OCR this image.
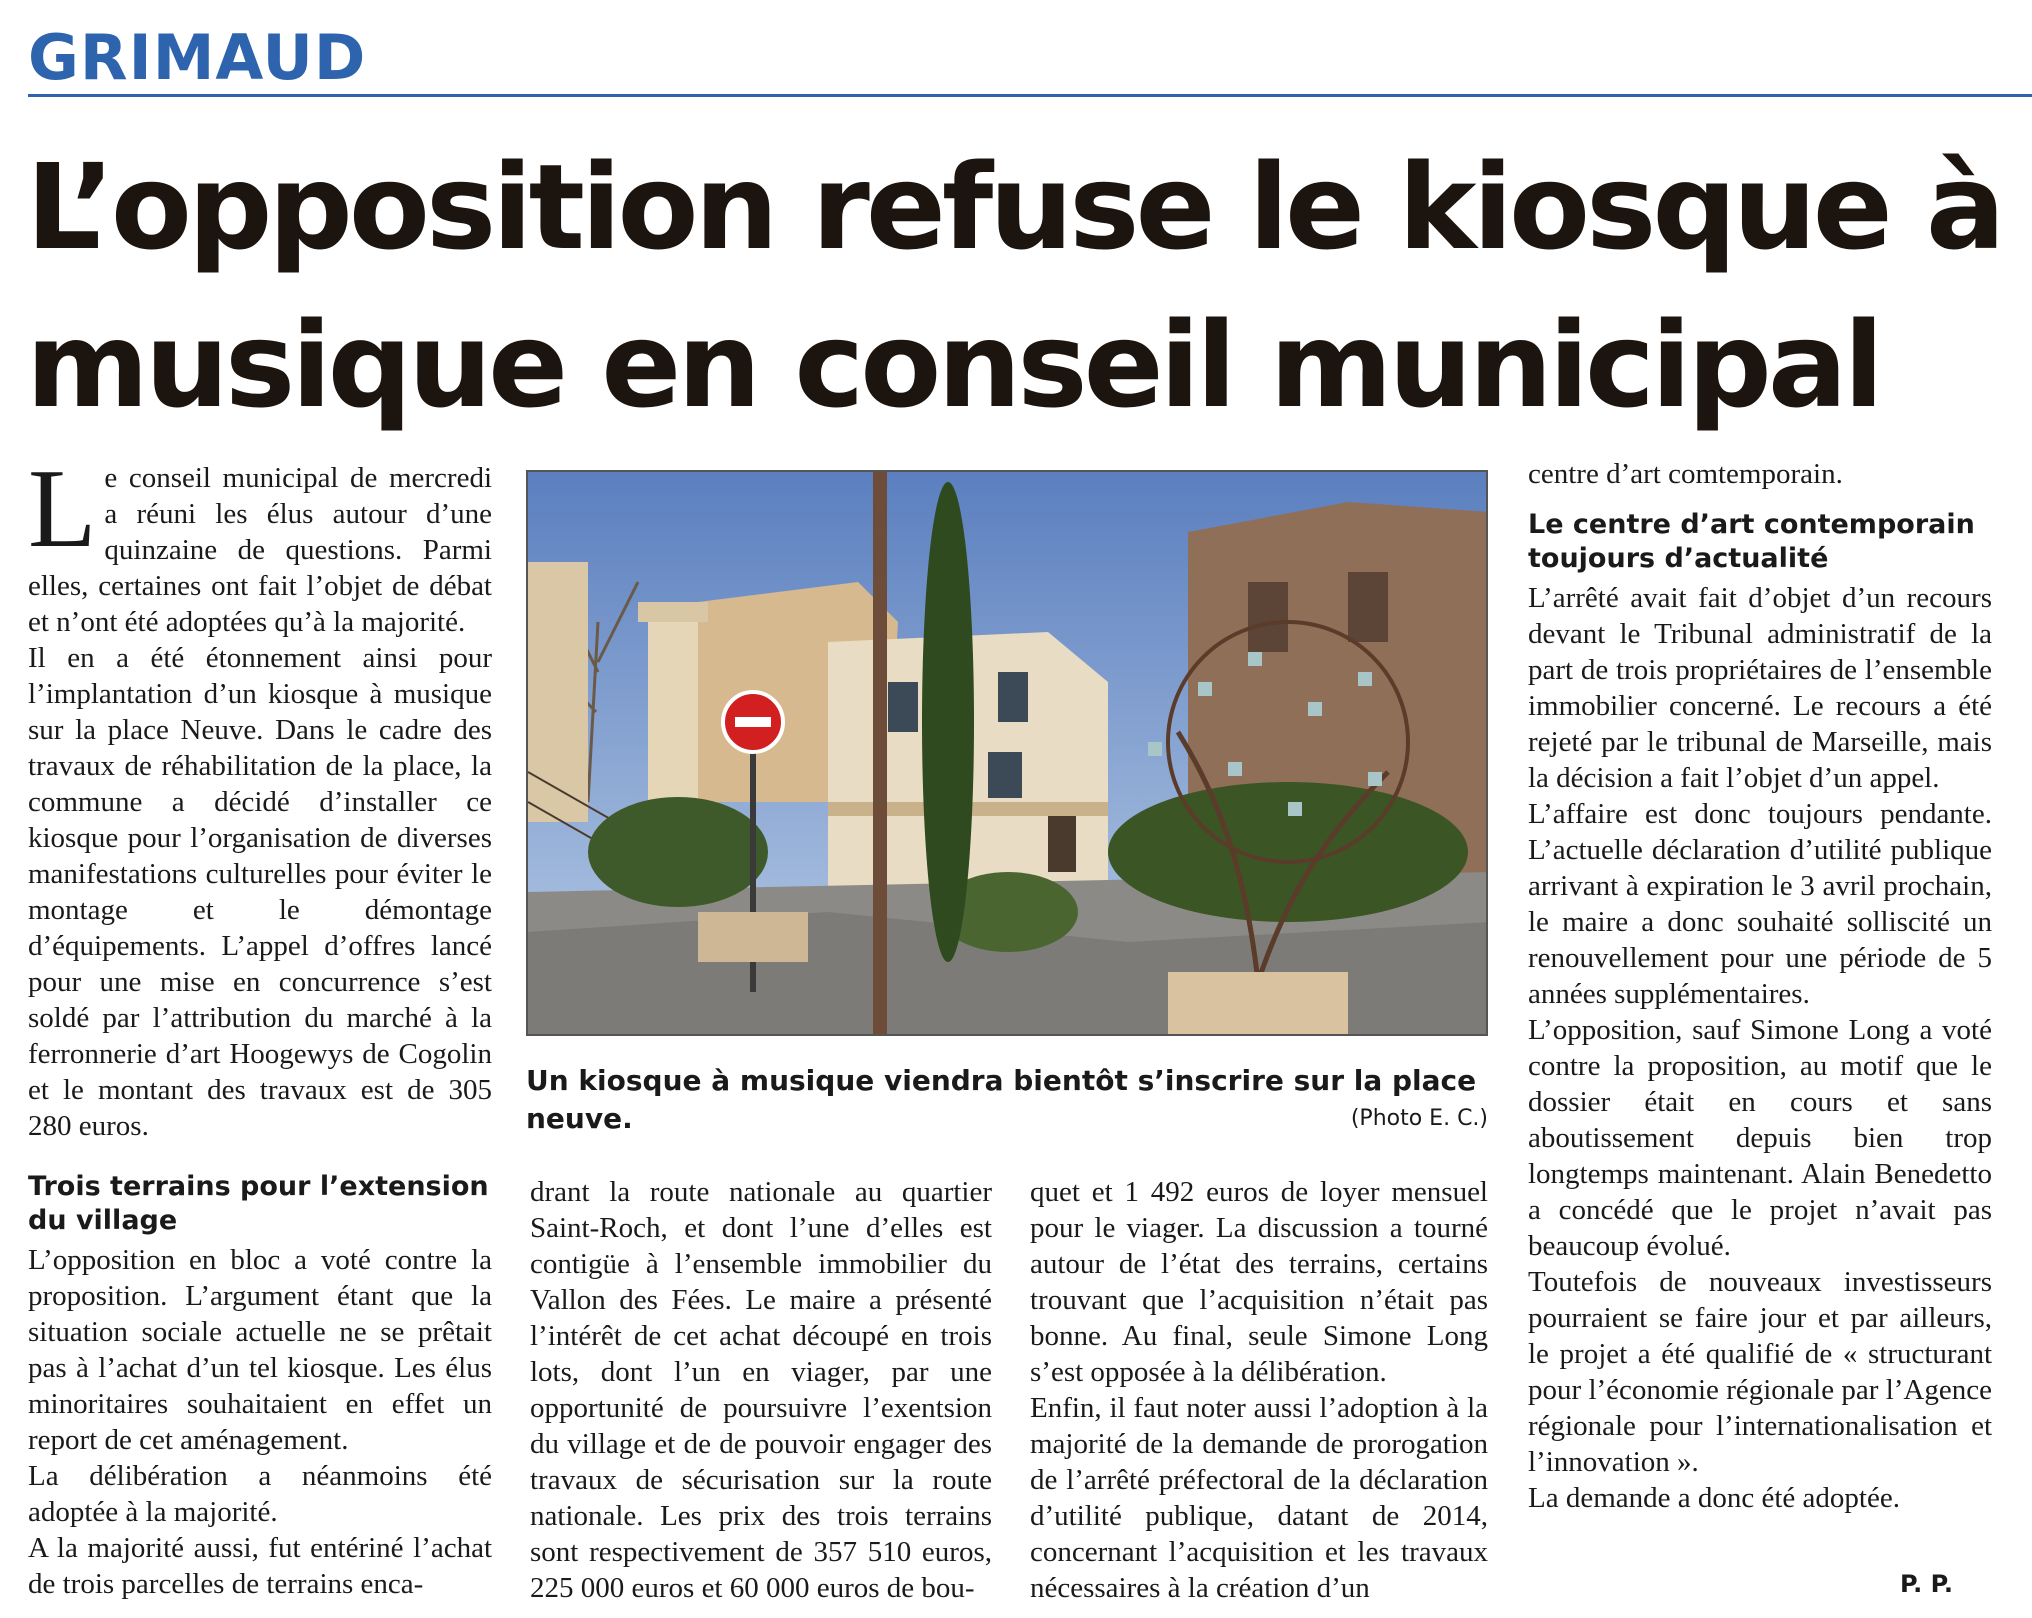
GRIMAUD
L’opposition refuse le kiosque à musique en conseil municipal

Le conseil municipal de mercredi a réuni les élus autour d’une quinzaine de questions. Parmi elles, certaines ont fait l’objet de débat et n’ont été adoptées qu’à la majorité.

Il en a été étonnement ainsi pour l’implantation d’un kiosque à musique sur la place Neuve. Dans le cadre des travaux de réhabilitation de la place, la commune a décidé d’installer ce kiosque pour l’organisation de diverses manifestations culturelles pour éviter le montage et le démontage d’équipements. L’appel d’offres lancé pour une mise en concurrence s’est soldé par l’attribution du marché à la ferronnerie d’art Hoogewys de Cogolin et le montant des travaux est de 305 280 euros.

Trois terrains pour l’extension du village

L’opposition en bloc a voté contre la proposition. L’argument étant que la situation sociale actuelle ne se prêtait pas à l’achat d’un tel kiosque. Les élus minoritaires souhaitaient en effet un report de cet aménagement.

La délibération a néanmoins été adoptée à la majorité.

A la majorité aussi, fut entériné l’achat de trois parcelles de terrains enca-

Un kiosque à musique viendra bientôt s’inscrire sur la place neuve.	(Photo E. C.)

drant la route nationale au quartier Saint-Roch, et dont l’une d’elles est contigüe à l’ensemble immobilier du Vallon des Fées. Le maire a présenté l’intérêt de cet achat découpé en trois lots, dont l’un en viager, par une opportunité de poursuivre l’exentsion du village et de de pouvoir engager des travaux de sécurisation sur la route nationale. Les prix des trois terrains sont respectivement de 357 510 euros, 225 000 euros et 60 000 euros de bou-

quet et 1 492 euros de loyer mensuel pour le viager. La discussion a tourné autour de l’état des terrains, certains trouvant que l’acquisition n’était pas bonne. Au final, seule Simone Long s’est opposée à la délibération.

Enfin, il faut noter aussi l’adoption à la majorité de la demande de prorogation de l’arrêté préfectoral de la déclaration d’utilité publique, datant de 2014, concernant l’acquisition et les travaux nécessaires à la création d’un

centre d’art comtemporain.

Le centre d’art contemporain toujours d’actualité

L’arrêté avait fait d’objet d’un recours devant le Tribunal administratif de la part de trois propriétaires de l’ensemble immobilier concerné. Le recours a été rejeté par le tribunal de Marseille, mais la décision a fait l’objet d’un appel.

L’affaire est donc toujours pendante. L’actuelle déclaration d’utilité publique arrivant à expiration le 3 avril prochain, le maire a donc souhaité solliscité un renouvellement pour une période de 5 années supplémentaires.

L’opposition, sauf Simone Long a voté contre la proposition, au motif que le dossier était en cours et sans aboutissement depuis bien trop longtemps maintenant. Alain Benedetto a concédé que le projet n’avait pas beaucoup évolué.

Toutefois de nouveaux investisseurs pourraient se faire jour et par ailleurs, le projet a été qualifié de « structurant pour l’économie régionale par l’Agence régionale pour l’internationalisation et l’innovation ».

La demande a donc été adoptée.

P. P.
